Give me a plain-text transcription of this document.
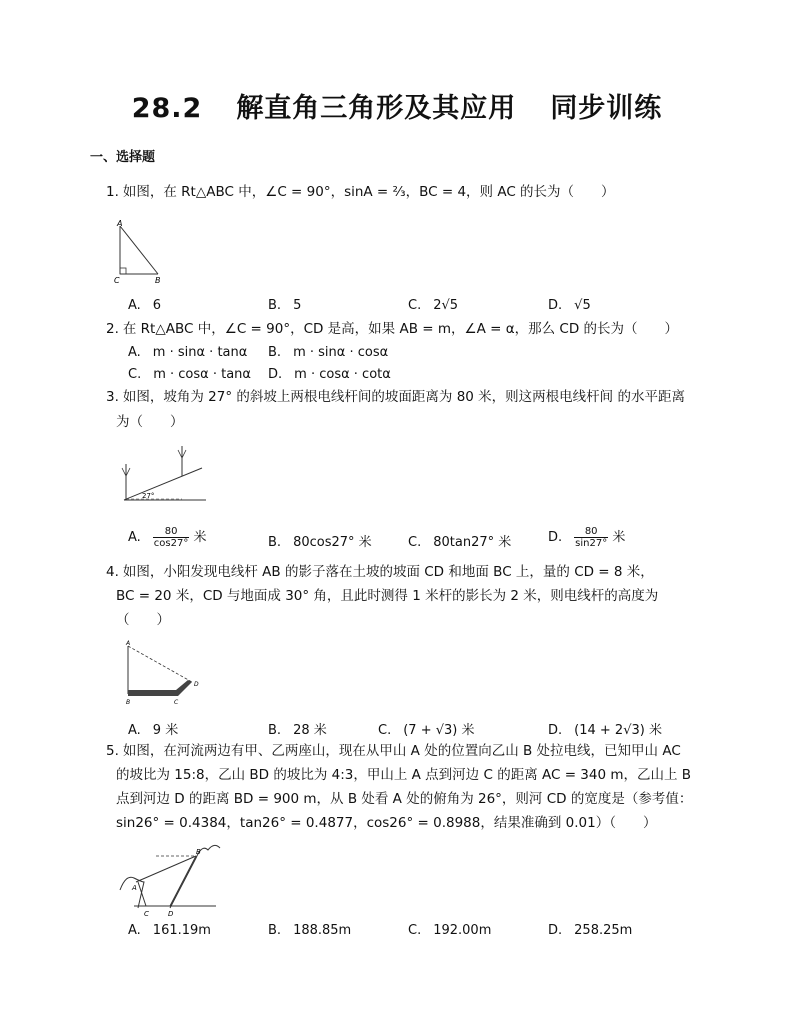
28.2 解直角三角形及其应用 同步训练
一、选择题
1. 如图，在 Rt△ABC 中，∠C = 90°，sinA = ⅔，BC = 4，则 AC 的长为（　　）
A
C	B
A. 6	B. 5	C. 2√5	D. √5
2. 在 Rt△ABC 中，∠C = 90°，CD 是高，如果 AB = m，∠A = α，那么 CD 的长为（　　）
A. m · sinα · tanα B. m · sinα · cosα
C. m · cosα · tanα D. m · cosα · cotα
3. 如图，坡角为 27° 的斜坡上两根电线杆间的坡面距离为 80 米，则这两根电线杆间 的水平距离
为（　　）
27°
A. $\frac{80}{\cos 27^\circ}$ 米	B. 80cos27° 米	C. 80tan27° 米	D. $\frac{80}{\sin 27^\circ}$ 米
4. 如图，小阳发现电线杆 AB 的影子落在土坡的坡面 CD 和地面 BC 上，量的 CD = 8 米，
BC = 20 米，CD 与地面成 30° 角，且此时测得 1 米杆的影长为 2 米，则电线杆的高度为
（　　）
A
B	C
D
A. 9 米	B. 28 米	C. (7 + √3) 米	D. (14 + 2√3) 米
5. 如图，在河流两边有甲、乙两座山，现在从甲山 A 处的位置向乙山 B 处拉电线，已知甲山 AC
的坡比为 15:8，乙山 BD 的坡比为 4:3，甲山上 A 点到河边 C 的距离 AC = 340 m，乙山上 B
点到河边 D 的距离 BD = 900 m，从 B 处看 A 处的俯角为 26°，则河 CD 的宽度是（参考值：
sin26° = 0.4384，tan26° = 0.4877，cos26° = 0.8988，结果准确到 0.01）（　　）
A
B
C	D
A. 161.19m	B. 188.85m	C. 192.00m	D. 258.25m
